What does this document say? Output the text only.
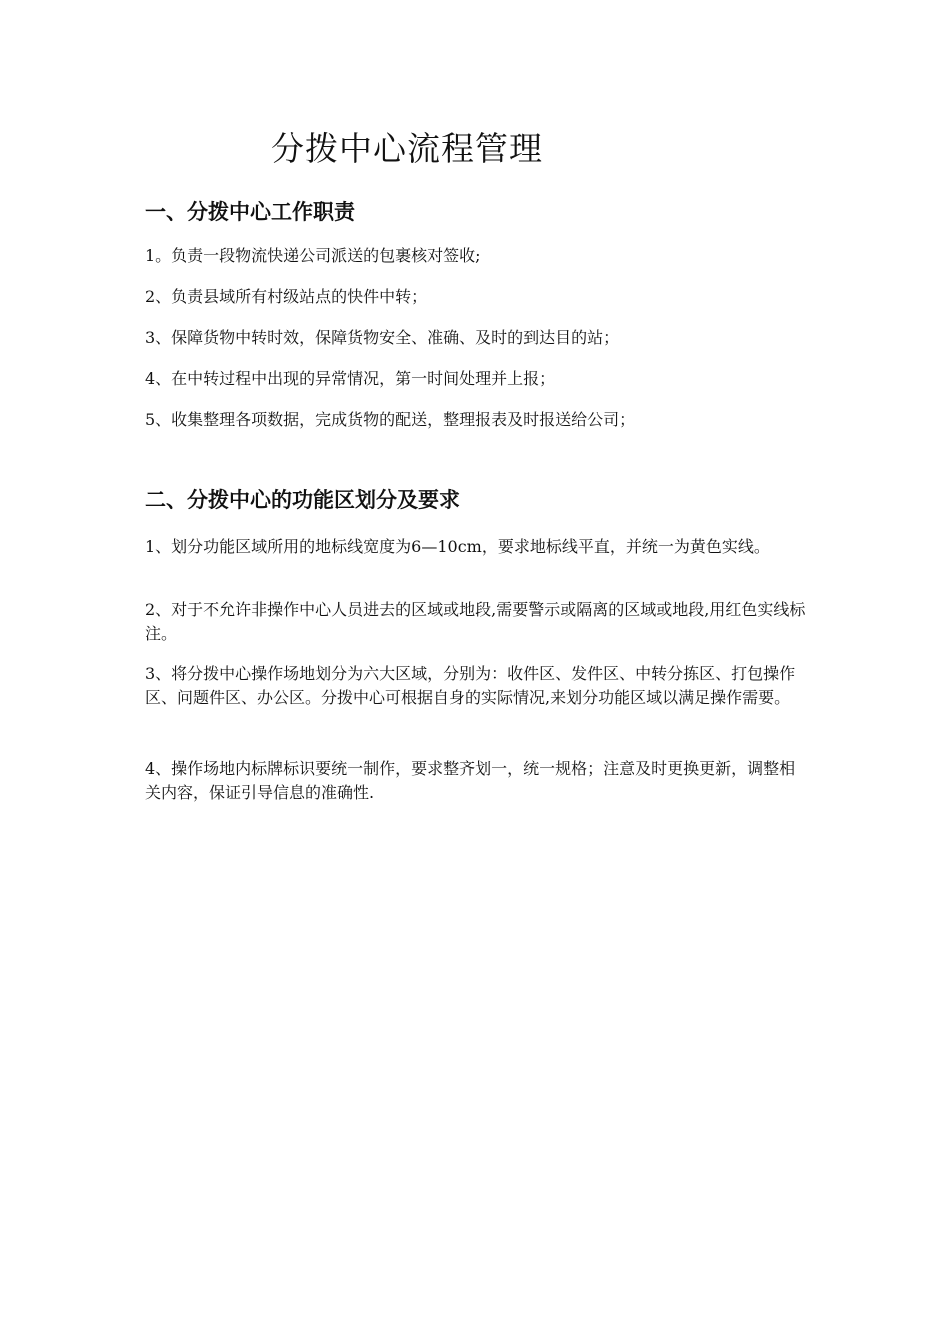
分拨中心流程管理
一、分拨中心工作职责

1。负责一段物流快递公司派送的包裹核对签收;

2、负责县域所有村级站点的快件中转；

3、保障货物中转时效，保障货物安全、准确、及时的到达目的站；

4、在中转过程中出现的异常情况，第一时间处理并上报；

5、收集整理各项数据，完成货物的配送，整理报表及时报送给公司；

二、分拨中心的功能区划分及要求

1、划分功能区域所用的地标线宽度为6—10cm，要求地标线平直，并统一为黄色实线。

2、对于不允许非操作中心人员进去的区域或地段,需要警示或隔离的区域或地段,用红色实线标注。

3、将分拨中心操作场地划分为六大区域，分别为：收件区、发件区、中转分拣区、打包操作区、问题件区、办公区。分拨中心可根据自身的实际情况,来划分功能区域以满足操作需要。

4、操作场地内标牌标识要统一制作，要求整齐划一，统一规格；注意及时更换更新，调整相关内容，保证引导信息的准确性.
